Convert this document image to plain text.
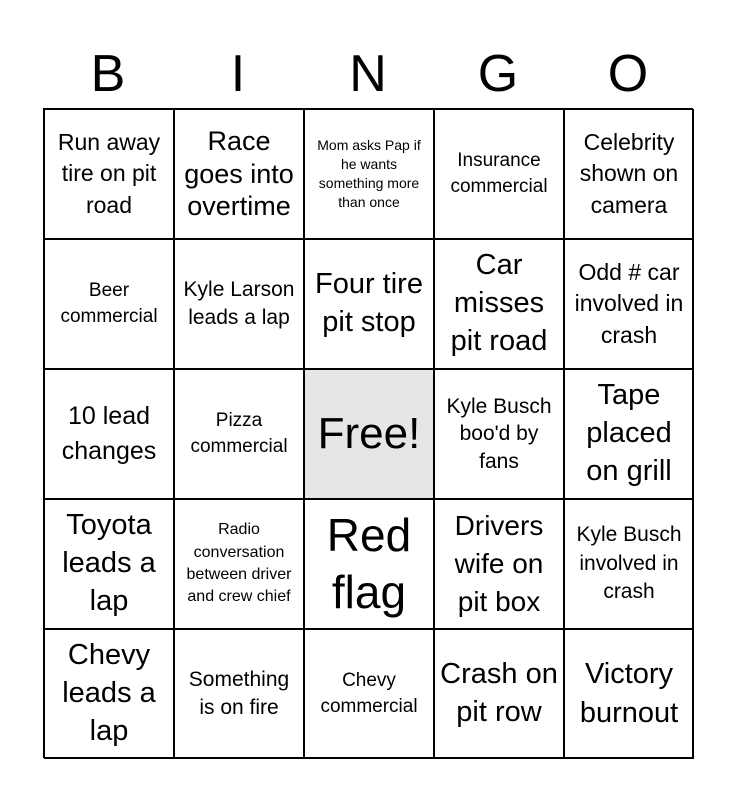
B	I	N	G	O
Run away tire on pit road
Race goes into overtime
Mom asks Pap if he wants something more than once
Insurance commercial
Celebrity shown on camera
Beer commercial
Kyle Larson leads a lap
Four tire pit stop
Car misses pit road
Odd # car involved in crash
10 lead changes
Pizza commercial Free!
Kyle Busch boo'd by fans
Tape placed on grill
Toyota leads a lap
Radio conversation between driver and crew chief
Red flag
Drivers wife on pit box
Kyle Busch involved in crash
Chevy leads a lap
Something is on fire
Chevy commercial
Crash on pit row
Victory burnout
